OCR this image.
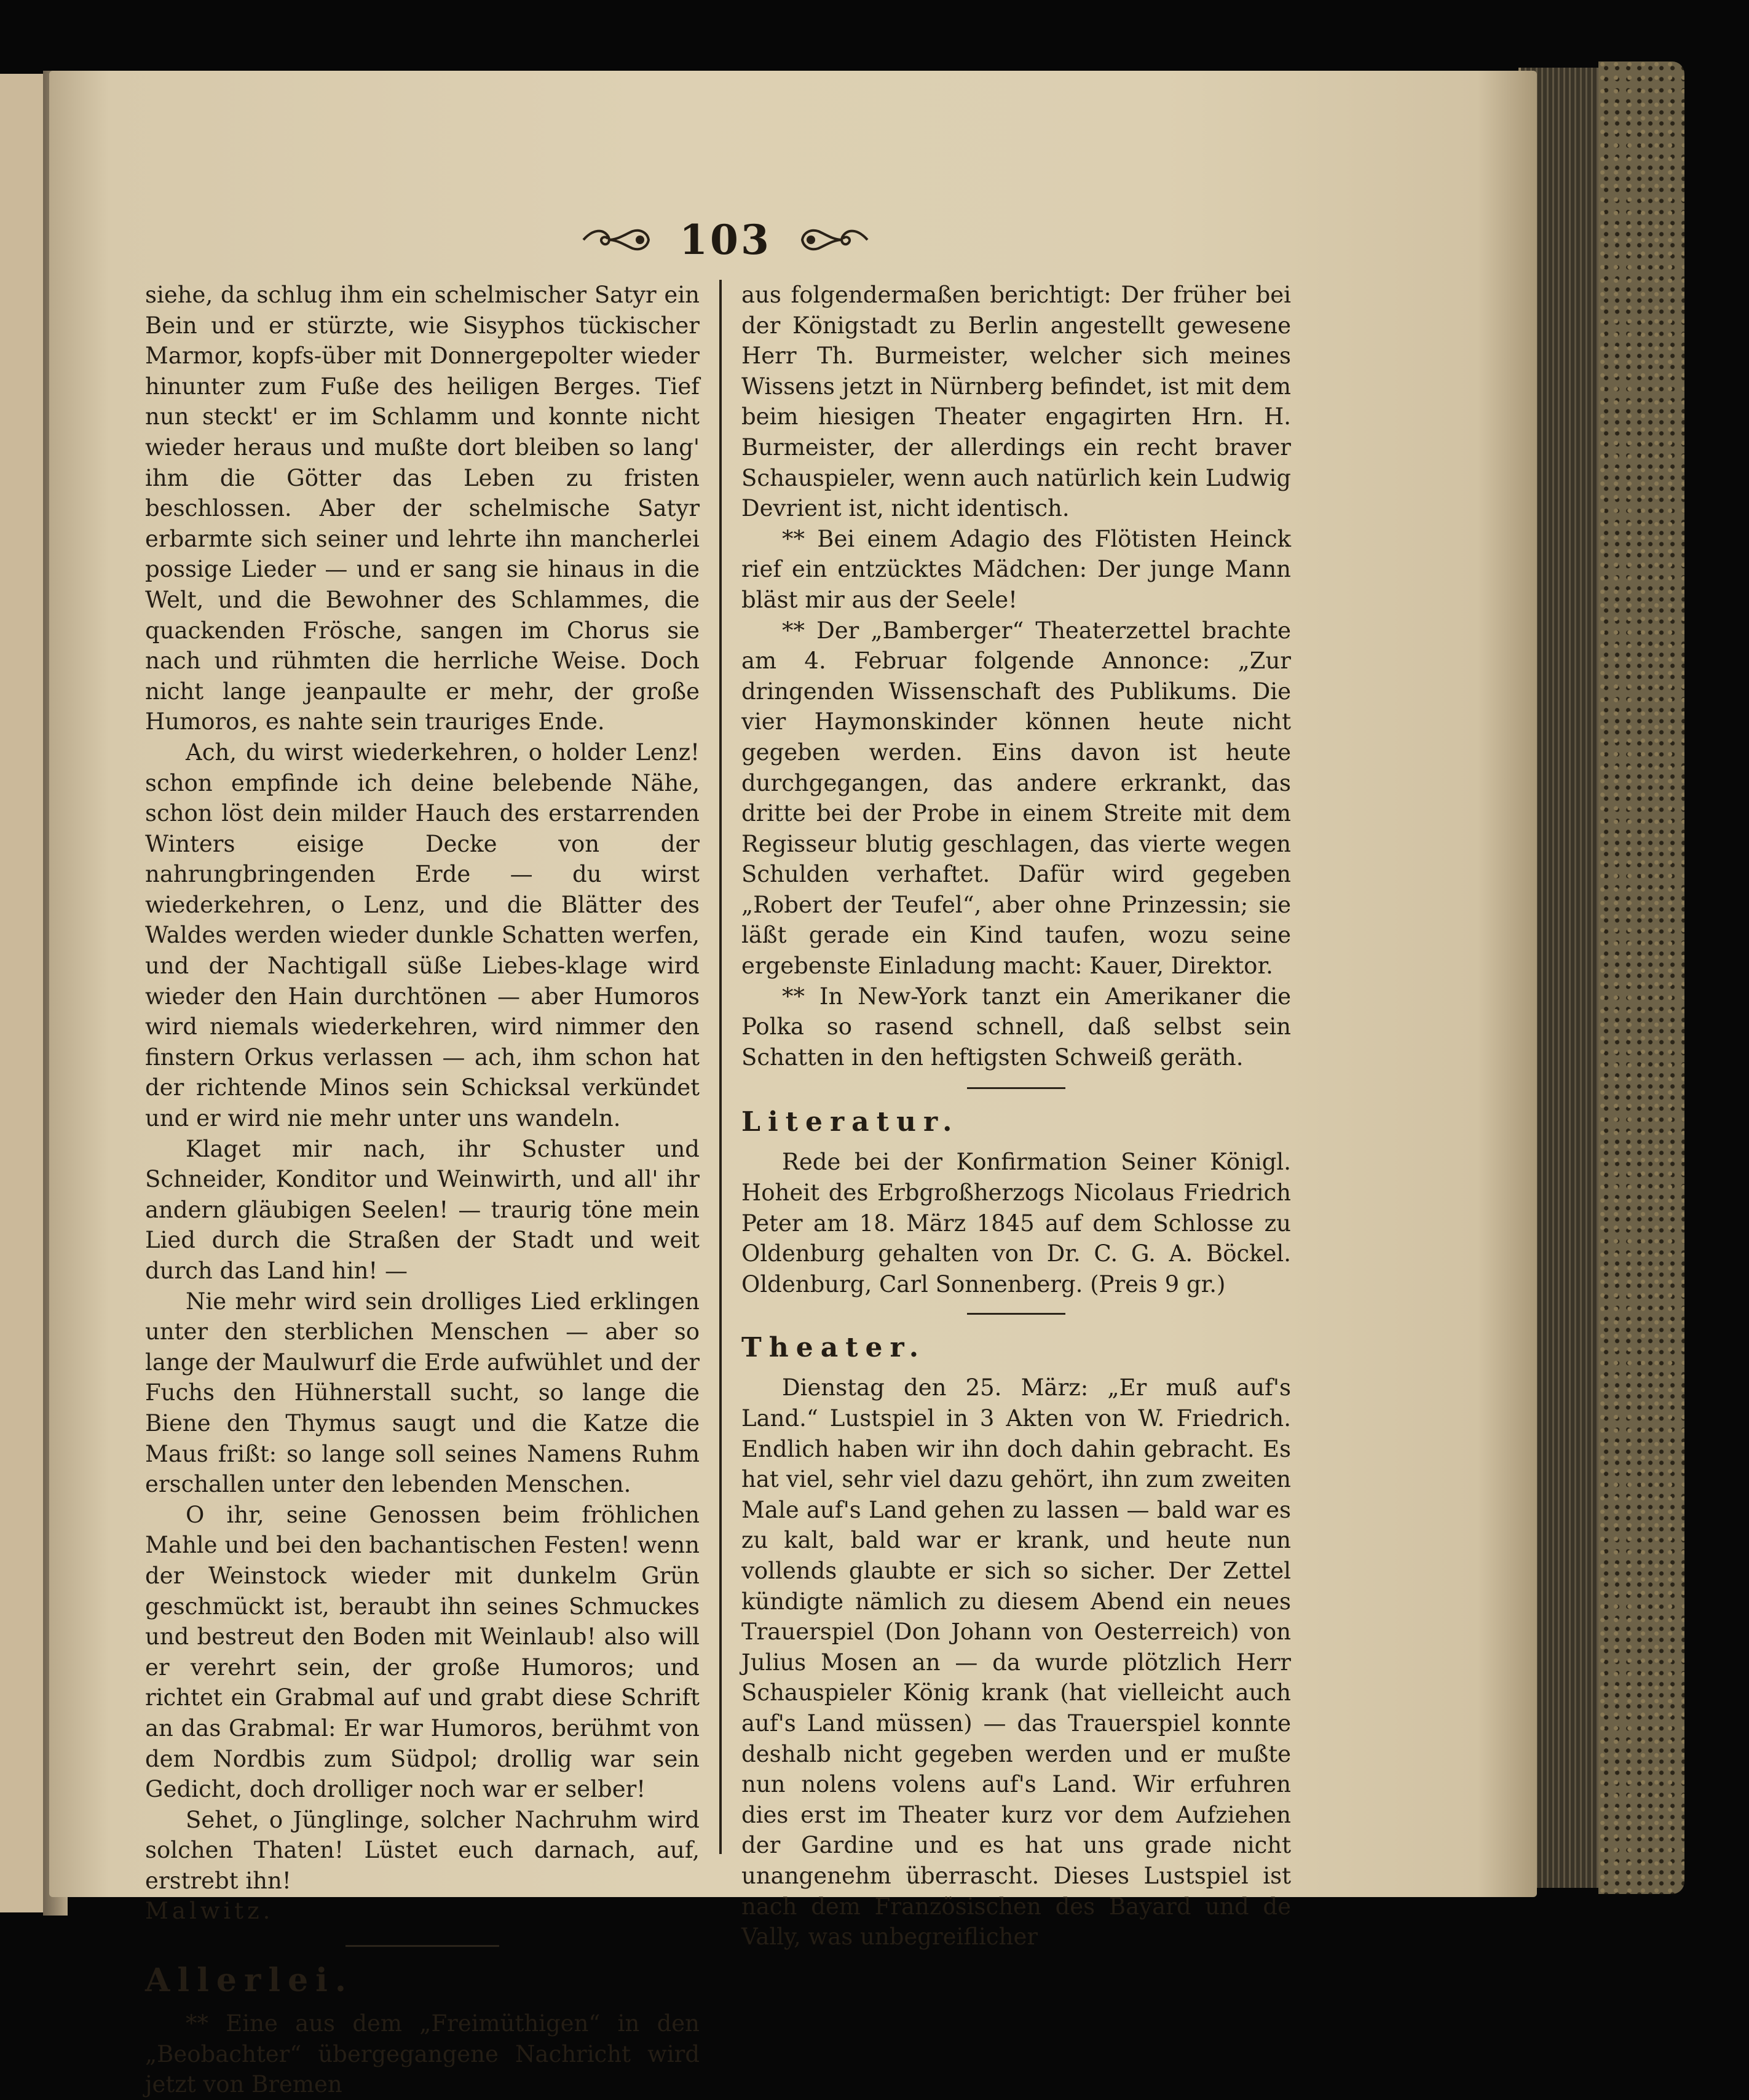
103

siehe, da schlug ihm ein schelmischer Satyr ein Bein und er stürzte, wie Sisyphos tückischer Marmor, kopfs-über mit Donnergepolter wieder hinunter zum Fuße des heiligen Berges. Tief nun steckt' er im Schlamm und konnte nicht wieder heraus und mußte dort bleiben so lang' ihm die Götter das Leben zu fristen beschlossen. Aber der schelmische Satyr erbarmte sich seiner und lehrte ihn mancherlei possige Lieder — und er sang sie hinaus in die Welt, und die Bewohner des Schlammes, die quackenden Frösche, sangen im Chorus sie nach und rühmten die herrliche Weise. Doch nicht lange jeanpaulte er mehr, der große Humoros, es nahte sein trauriges Ende.

Ach, du wirst wiederkehren, o holder Lenz! schon empfinde ich deine belebende Nähe, schon löst dein milder Hauch des erstarrenden Winters eisige Decke von der nahrungbringenden Erde — du wirst wiederkehren, o Lenz, und die Blätter des Waldes werden wieder dunkle Schatten werfen, und der Nachtigall süße Liebes-klage wird wieder den Hain durchtönen — aber Humoros wird niemals wiederkehren, wird nimmer den finstern Orkus verlassen — ach, ihm schon hat der richtende Minos sein Schicksal verkündet und er wird nie mehr unter uns wandeln.

Klaget mir nach, ihr Schuster und Schneider, Konditor und Weinwirth, und all' ihr andern gläubigen Seelen! — traurig töne mein Lied durch die Straßen der Stadt und weit durch das Land hin! —

Nie mehr wird sein drolliges Lied erklingen unter den sterblichen Menschen — aber so lange der Maulwurf die Erde aufwühlet und der Fuchs den Hühnerstall sucht, so lange die Biene den Thymus saugt und die Katze die Maus frißt: so lange soll seines Namens Ruhm erschallen unter den lebenden Menschen.

O ihr, seine Genossen beim fröhlichen Mahle und bei den bachantischen Festen! wenn der Weinstock wieder mit dunkelm Grün geschmückt ist, beraubt ihn seines Schmuckes und bestreut den Boden mit Weinlaub! also will er verehrt sein, der große Humoros; und richtet ein Grabmal auf und grabt diese Schrift an das Grabmal: Er war Humoros, berühmt von dem Nordbis zum Südpol; drollig war sein Gedicht, doch drolliger noch war er selber!

Sehet, o Jünglinge, solcher Nachruhm wird solchen Thaten! Lüstet euch darnach, auf, erstrebt ihn!

Malwitz.

Allerlei.

** Eine aus dem „Freimüthigen“ in den „Beobachter“ übergegangene Nachricht wird jetzt von Bremen

aus folgendermaßen berichtigt: Der früher bei der Königstadt zu Berlin angestellt gewesene Herr Th. Burmeister, welcher sich meines Wissens jetzt in Nürnberg befindet, ist mit dem beim hiesigen Theater engagirten Hrn. H. Burmeister, der allerdings ein recht braver Schauspieler, wenn auch natürlich kein Ludwig Devrient ist, nicht identisch.

** Bei einem Adagio des Flötisten Heinck rief ein entzücktes Mädchen: Der junge Mann bläst mir aus der Seele!

** Der „Bamberger“ Theaterzettel brachte am 4. Februar folgende Annonce: „Zur dringenden Wissenschaft des Publikums. Die vier Haymonskinder können heute nicht gegeben werden. Eins davon ist heute durchgegangen, das andere erkrankt, das dritte bei der Probe in einem Streite mit dem Regisseur blutig geschlagen, das vierte wegen Schulden verhaftet. Dafür wird gegeben „Robert der Teufel“, aber ohne Prinzessin; sie läßt gerade ein Kind taufen, wozu seine ergebenste Einladung macht: Kauer, Direktor.

** In New-York tanzt ein Amerikaner die Polka so rasend schnell, daß selbst sein Schatten in den heftigsten Schweiß geräth.

Literatur.

Rede bei der Konfirmation Seiner Königl. Hoheit des Erbgroßherzogs Nicolaus Friedrich Peter am 18. März 1845 auf dem Schlosse zu Oldenburg gehalten von Dr. C. G. A. Böckel. Oldenburg, Carl Sonnenberg. (Preis 9 gr.)

Theater.

Dienstag den 25. März: „Er muß auf's Land.“ Lustspiel in 3 Akten von W. Friedrich. Endlich haben wir ihn doch dahin gebracht. Es hat viel, sehr viel dazu gehört, ihn zum zweiten Male auf's Land gehen zu lassen — bald war es zu kalt, bald war er krank, und heute nun vollends glaubte er sich so sicher. Der Zettel kündigte nämlich zu diesem Abend ein neues Trauerspiel (Don Johann von Oesterreich) von Julius Mosen an — da wurde plötzlich Herr Schauspieler König krank (hat vielleicht auch auf's Land müssen) — das Trauerspiel konnte deshalb nicht gegeben werden und er mußte nun nolens volens auf's Land. Wir erfuhren dies erst im Theater kurz vor dem Aufziehen der Gardine und es hat uns grade nicht unangenehm überrascht. Dieses Lustspiel ist nach dem Französischen des Bayard und de Vally, was unbegreiflicher
